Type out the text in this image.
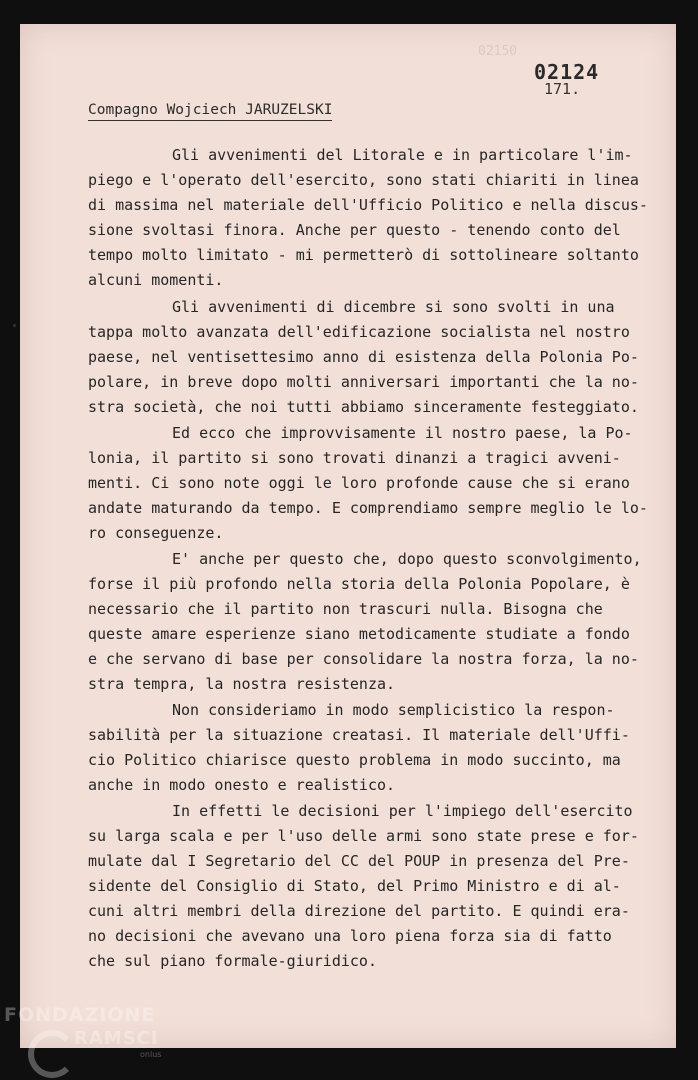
02150
02124
171.
Compagno Wojciech JARUZELSKI
Gli avvenimenti del Litorale e in particolare l'im-
piego e l'operato dell'esercito, sono stati chiariti in linea
di massima nel materiale dell'Ufficio Politico e nella discus-
sione svoltasi finora. Anche per questo - tenendo conto del
tempo molto limitato - mi permetterò di sottolineare soltanto
alcuni momenti.
Gli avvenimenti di dicembre si sono svolti in una
tappa molto avanzata dell'edificazione socialista nel nostro
paese, nel ventisettesimo anno di esistenza della Polonia Po-
polare, in breve dopo molti anniversari importanti che la no-
stra società, che noi tutti abbiamo sinceramente festeggiato.
Ed ecco che improvvisamente il nostro paese, la Po-
lonia, il partito si sono trovati dinanzi a tragici avveni-
menti. Ci sono note oggi le loro profonde cause che si erano
andate maturando da tempo. E comprendiamo sempre meglio le lo-
ro conseguenze.
E' anche per questo che, dopo questo sconvolgimento,
forse il più profondo nella storia della Polonia Popolare, è
necessario che il partito non trascuri nulla. Bisogna che
queste amare esperienze siano metodicamente studiate a fondo
e che servano di base per consolidare la nostra forza, la no-
stra tempra, la nostra resistenza.
Non consideriamo in modo semplicistico la respon-
sabilità per la situazione creatasi. Il materiale dell'Uffi-
cio Politico chiarisce questo problema in modo succinto, ma
anche in modo onesto e realistico.
In effetti le decisioni per l'impiego dell'esercito
su larga scala e per l'uso delle armi sono state prese e for-
mulate dal I Segretario del CC del POUP in presenza del Pre-
sidente del Consiglio di Stato, del Primo Ministro e di al-
cuni altri membri della direzione del partito. E quindi era-
no decisioni che avevano una loro piena forza sia di fatto
che sul piano formale-giuridico.
FONDAZIONE
RAMSCI
onlus
